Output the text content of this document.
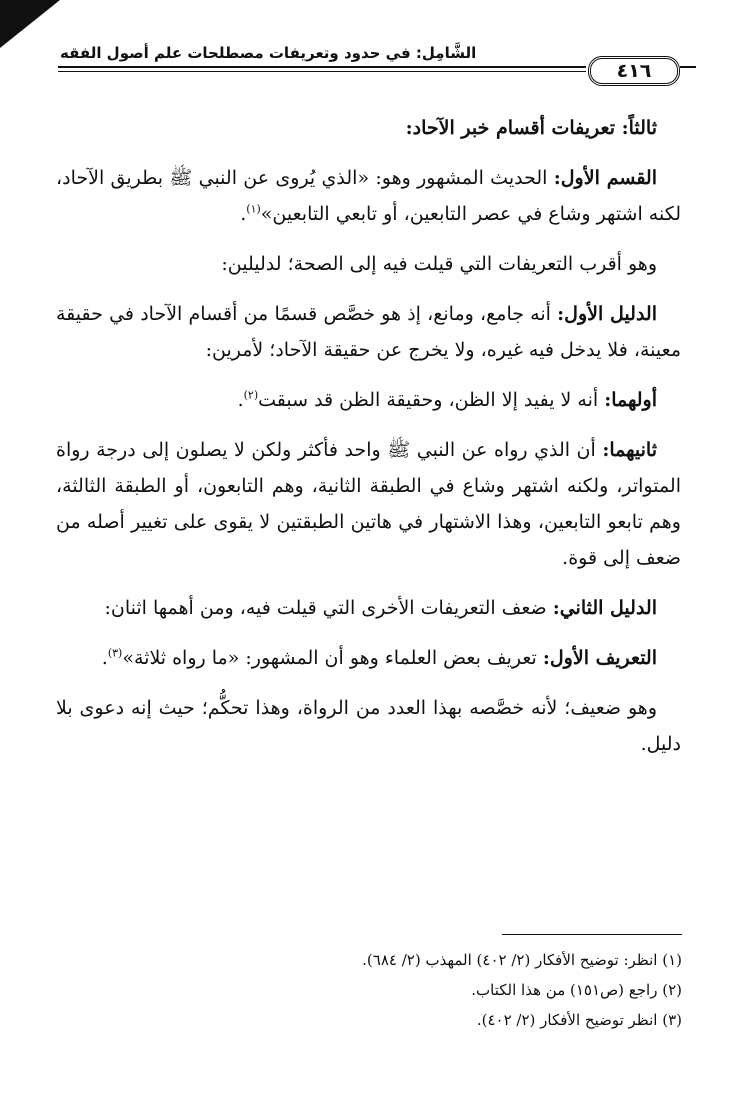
الشَّامِل: في حدود وتعريفات مصطلحات علم أصول الفقه
٤١٦

ثالثاً: تعريفات أقسام خبر الآحاد:

القسم الأول: الحديث المشهور وهو: «الذي يُروى عن النبي ﷺ بطريق الآحاد، لكنه اشتهر وشاع في عصر التابعين، أو تابعي التابعين»$^{(١)}$.

وهو أقرب التعريفات التي قيلت فيه إلى الصحة؛ لدليلين:

الدليل الأول: أنه جامع، ومانع، إذ هو خصَّص قسمًا من أقسام الآحاد في حقيقة معينة، فلا يدخل فيه غيره، ولا يخرج عن حقيقة الآحاد؛ لأمرين:

أولهما: أنه لا يفيد إلا الظن، وحقيقة الظن قد سبقت$^{(٢)}$.

ثانيهما: أن الذي رواه عن النبي ﷺ واحد فأكثر ولكن لا يصلون إلى درجة رواة المتواتر، ولكنه اشتهر وشاع في الطبقة الثانية، وهم التابعون، أو الطبقة الثالثة، وهم تابعو التابعين، وهذا الاشتهار في هاتين الطبقتين لا يقوى على تغيير أصله من ضعف إلى قوة.

الدليل الثاني: ضعف التعريفات الأخرى التي قيلت فيه، ومن أهمها اثنان:

التعريف الأول: تعريف بعض العلماء وهو أن المشهور: «ما رواه ثلاثة»$^{(٣)}$.

وهو ضعيف؛ لأنه خصَّصه بهذا العدد من الرواة، وهذا تحكُّم؛ حيث إنه دعوى بلا دليل.

(١) انظر: توضيح الأفكار (٢/ ٤٠٢) المهذب (٢/ ٦٨٤).
(٢) راجع (ص١٥١) من هذا الكتاب.
(٣) انظر توضيح الأفكار (٢/ ٤٠٢).
